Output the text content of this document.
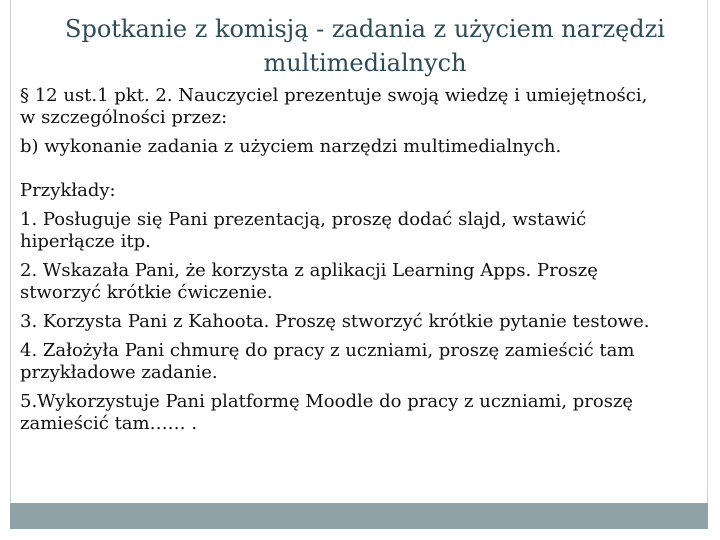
Spotkanie z komisją - zadania z użyciem narzędzi
multimedialnych

§ 12 ust.1 pkt. 2. Nauczyciel prezentuje swoją wiedzę i umiejętności,
w szczególności przez:

b) wykonanie zadania z użyciem narzędzi multimedialnych.

Przykłady:

1. Posługuje się Pani prezentacją, proszę dodać slajd, wstawić
hiperłącze itp.

2. Wskazała Pani, że korzysta z aplikacji Learning Apps. Proszę
stworzyć krótkie ćwiczenie.

3. Korzysta Pani z Kahoota. Proszę stworzyć krótkie pytanie testowe.

4. Założyła Pani chmurę do pracy z uczniami, proszę zamieścić tam
przykładowe zadanie.

5.Wykorzystuje Pani platformę Moodle do pracy z uczniami, proszę
zamieścić tam…… .
